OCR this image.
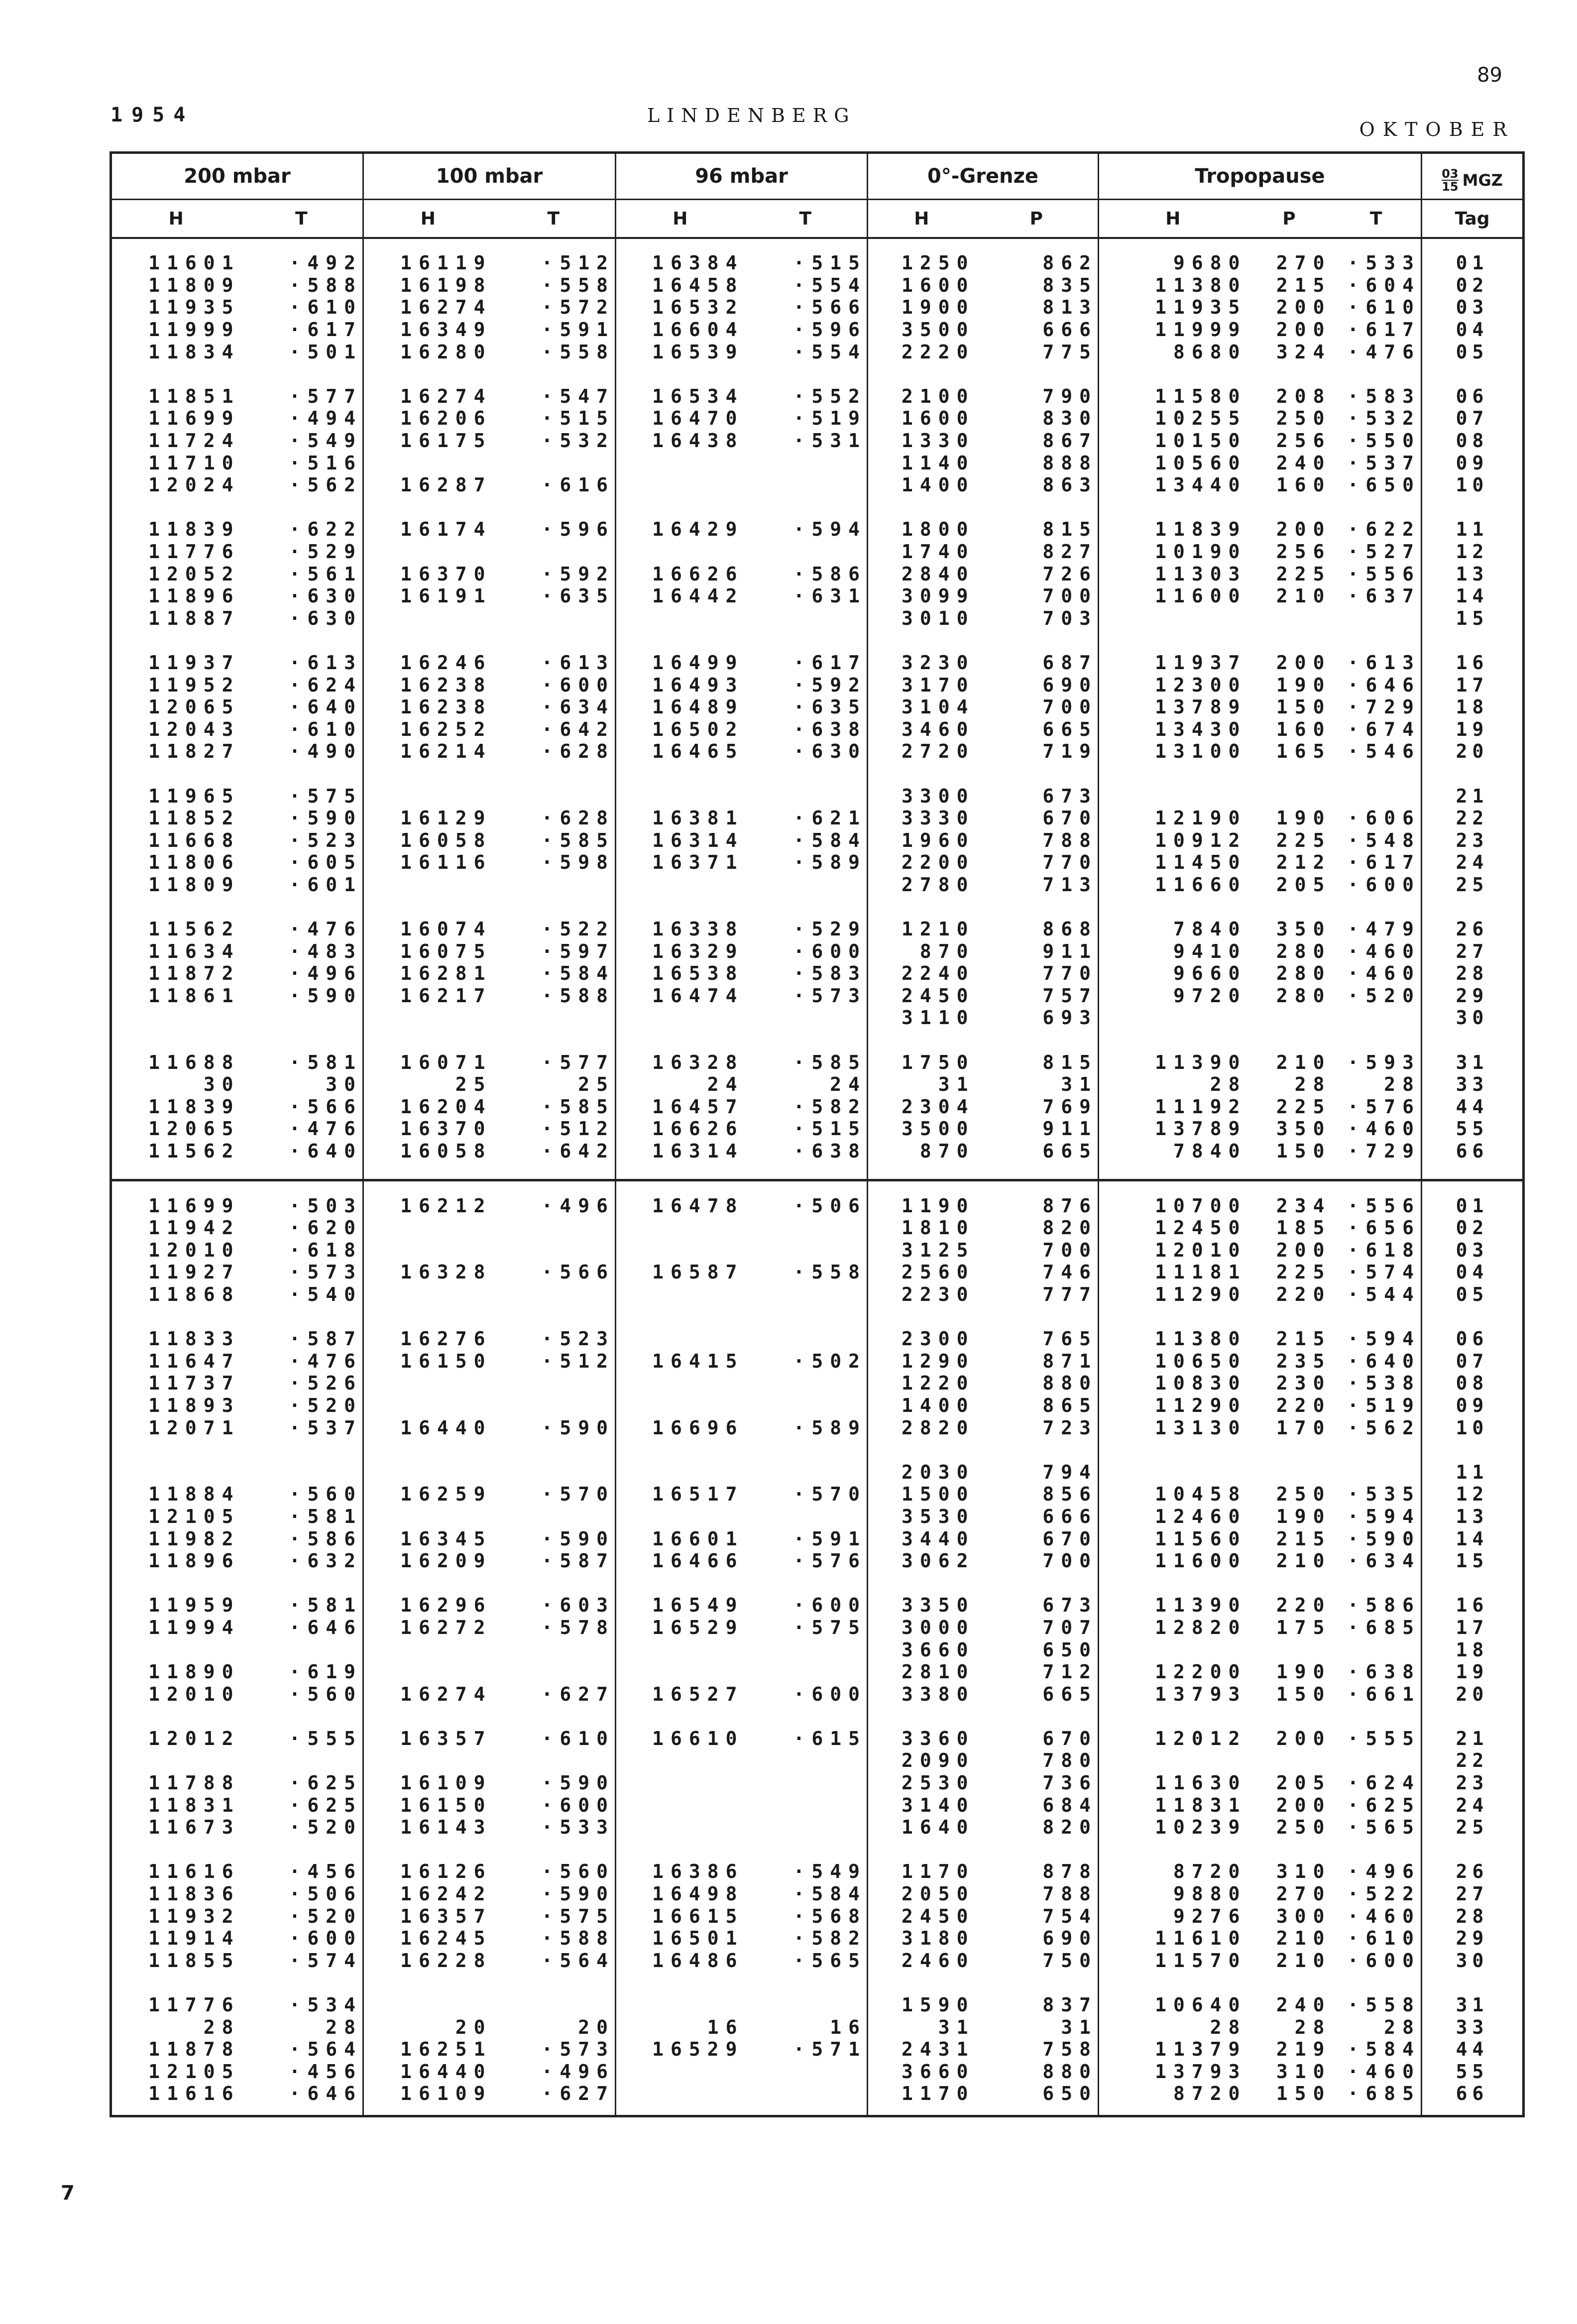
89
1954	LINDENBERG
OKTOBER
200 mbar		100 mbar		96 mbar		0°-Grenze		Tropopause			$\frac{03}{15}$ MGZ

H	T	H	T	H	T	H	P	H	P	T	Tag

11601	·492	16119	·512	16384	·515	1250	862	9680	270	·533	01
11809	·588	16198	·558	16458	·554	1600	835	11380	215	·604	02
11935	·610	16274	·572	16532	·566	1900	813	11935	200	·610	03
11999	·617	16349	·591	16604	·596	3500	666	11999	200	·617	04
11834	·501	16280	·558	16539	·554	2220	775	8680	324	·476	05

11851	·577	16274	·547	16534	·552	2100	790	11580	208	·583	06
11699	·494	16206	·515	16470	·519	1600	830	10255	250	·532	07
11724	·549	16175	·532	16438	·531	1330	867	10150	256	·550	08
11710	·516					1140	888	10560	240	·537	09
12024	·562	16287	·616			1400	863	13440	160	·650	10

11839	·622	16174	·596	16429	·594	1800	815	11839	200	·622	11
11776	·529					1740	827	10190	256	·527	12
12052	·561	16370	·592	16626	·586	2840	726	11303	225	·556	13
11896	·630	16191	·635	16442	·631	3099	700	11600	210	·637	14
11887	·630					3010	703				15

11937	·613	16246	·613	16499	·617	3230	687	11937	200	·613	16
11952	·624	16238	·600	16493	·592	3170	690	12300	190	·646	17
12065	·640	16238	·634	16489	·635	3104	700	13789	150	·729	18
12043	·610	16252	·642	16502	·638	3460	665	13430	160	·674	19
11827	·490	16214	·628	16465	·630	2720	719	13100	165	·546	20

11965	·575					3300	673				21
11852	·590	16129	·628	16381	·621	3330	670	12190	190	·606	22
11668	·523	16058	·585	16314	·584	1960	788	10912	225	·548	23
11806	·605	16116	·598	16371	·589	2200	770	11450	212	·617	24
11809	·601					2780	713	11660	205	·600	25

11562	·476	16074	·522	16338	·529	1210	868	7840	350	·479	26
11634	·483	16075	·597	16329	·600	870	911	9410	280	·460	27
11872	·496	16281	·584	16538	·583	2240	770	9660	280	·460	28
11861	·590	16217	·588	16474	·573	2450	757	9720	280	·520	29
						3110	693				30

11688	·581	16071	·577	16328	·585	1750	815	11390	210	·593	31
30	30	25	25	24	24	31	31	28	28	28	33
11839	·566	16204	·585	16457	·582	2304	769	11192	225	·576	44
12065	·476	16370	·512	16626	·515	3500	911	13789	350	·460	55
11562	·640	16058	·642	16314	·638	870	665	7840	150	·729	66

11699	·503	16212	·496	16478	·506	1190	876	10700	234	·556	01
11942	·620					1810	820	12450	185	·656	02
12010	·618					3125	700	12010	200	·618	03
11927	·573	16328	·566	16587	·558	2560	746	11181	225	·574	04
11868	·540					2230	777	11290	220	·544	05

11833	·587	16276	·523			2300	765	11380	215	·594	06
11647	·476	16150	·512	16415	·502	1290	871	10650	235	·640	07
11737	·526					1220	880	10830	230	·538	08
11893	·520					1400	865	11290	220	·519	09
12071	·537	16440	·590	16696	·589	2820	723	13130	170	·562	10

						2030	794				11
11884	·560	16259	·570	16517	·570	1500	856	10458	250	·535	12
12105	·581					3530	666	12460	190	·594	13
11982	·586	16345	·590	16601	·591	3440	670	11560	215	·590	14
11896	·632	16209	·587	16466	·576	3062	700	11600	210	·634	15

11959	·581	16296	·603	16549	·600	3350	673	11390	220	·586	16
11994	·646	16272	·578	16529	·575	3000	707	12820	175	·685	17
						3660	650				18
11890	·619					2810	712	12200	190	·638	19
12010	·560	16274	·627	16527	·600	3380	665	13793	150	·661	20

12012	·555	16357	·610	16610	·615	3360	670	12012	200	·555	21
						2090	780				22
11788	·625	16109	·590			2530	736	11630	205	·624	23
11831	·625	16150	·600			3140	684	11831	200	·625	24
11673	·520	16143	·533			1640	820	10239	250	·565	25

11616	·456	16126	·560	16386	·549	1170	878	8720	310	·496	26
11836	·506	16242	·590	16498	·584	2050	788	9880	270	·522	27
11932	·520	16357	·575	16615	·568	2450	754	9276	300	·460	28
11914	·600	16245	·588	16501	·582	3180	690	11610	210	·610	29
11855	·574	16228	·564	16486	·565	2460	750	11570	210	·600	30

11776	·534					1590	837	10640	240	·558	31
28	28	20	20	16	16	31	31	28	28	28	33
11878	·564	16251	·573	16529	·571	2431	758	11379	219	·584	44
12105	·456	16440	·496			3660	880	13793	310	·460	55
11616	·646	16109	·627			1170	650	8720	150	·685	66

7
